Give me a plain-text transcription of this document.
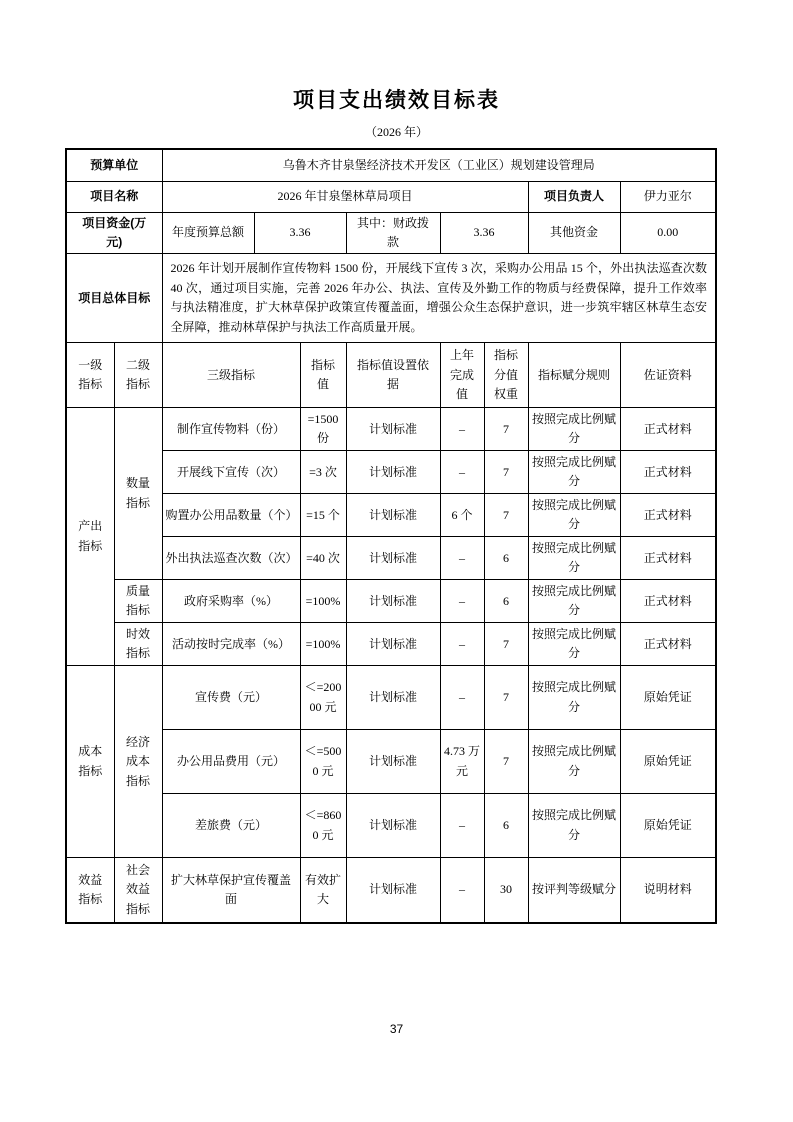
项目支出绩效目标表
（2026 年）
预算单位		乌鲁木齐甘泉堡经济技术开发区（工业区）规划建设管理局							
项目名称		2026 年甘泉堡林草局项目						项目负责人	伊力亚尔
项目资金(万元)		年度预算总额	3.36		其中：财政拨款	3.36		其他资金	0.00
项目总体目标		2026 年计划开展制作宣传物料 1500 份，开展线下宣传 3 次，采购办公用品 15 个，外出执法巡查次数 40 次，通过项目实施，完善 2026 年办公、执法、宣传及外勤工作的物质与经费保障，提升工作效率与执法精准度，扩大林草保护政策宣传覆盖面，增强公众生态保护意识，进一步筑牢辖区林草生态安全屏障，推动林草保护与执法工作高质量开展。							
一级指标	二级指标	三级指标		指标值	指标值设置依据	上年完成值	指标分值权重	指标赋分规则	佐证资料
产出指标	数量指标	制作宣传物料（份）		=1500 份	计划标准	–	7	按照完成比例赋分	正式材料
		开展线下宣传（次）		=3 次	计划标准	–	7	按照完成比例赋分	正式材料
		购置办公用品数量（个）		=15 个	计划标准	6 个	7	按照完成比例赋分	正式材料
		外出执法巡查次数（次）		=40 次	计划标准	–	6	按照完成比例赋分	正式材料
	质量指标	政府采购率（%）		=100%	计划标准	–	6	按照完成比例赋分	正式材料
	时效指标	活动按时完成率（%）		=100%	计划标准	–	7	按照完成比例赋分	正式材料
成本指标	经济成本指标	宣传费（元）		＜=20000 元	计划标准	–	7	按照完成比例赋分	原始凭证
		办公用品费用（元）		＜=5000 元	计划标准	4.73 万元	7	按照完成比例赋分	原始凭证
		差旅费（元）		＜=8600 元	计划标准	–	6	按照完成比例赋分	原始凭证
效益指标	社会效益指标	扩大林草保护宣传覆盖面		有效扩大	计划标准	–	30	按评判等级赋分	说明材料
37
